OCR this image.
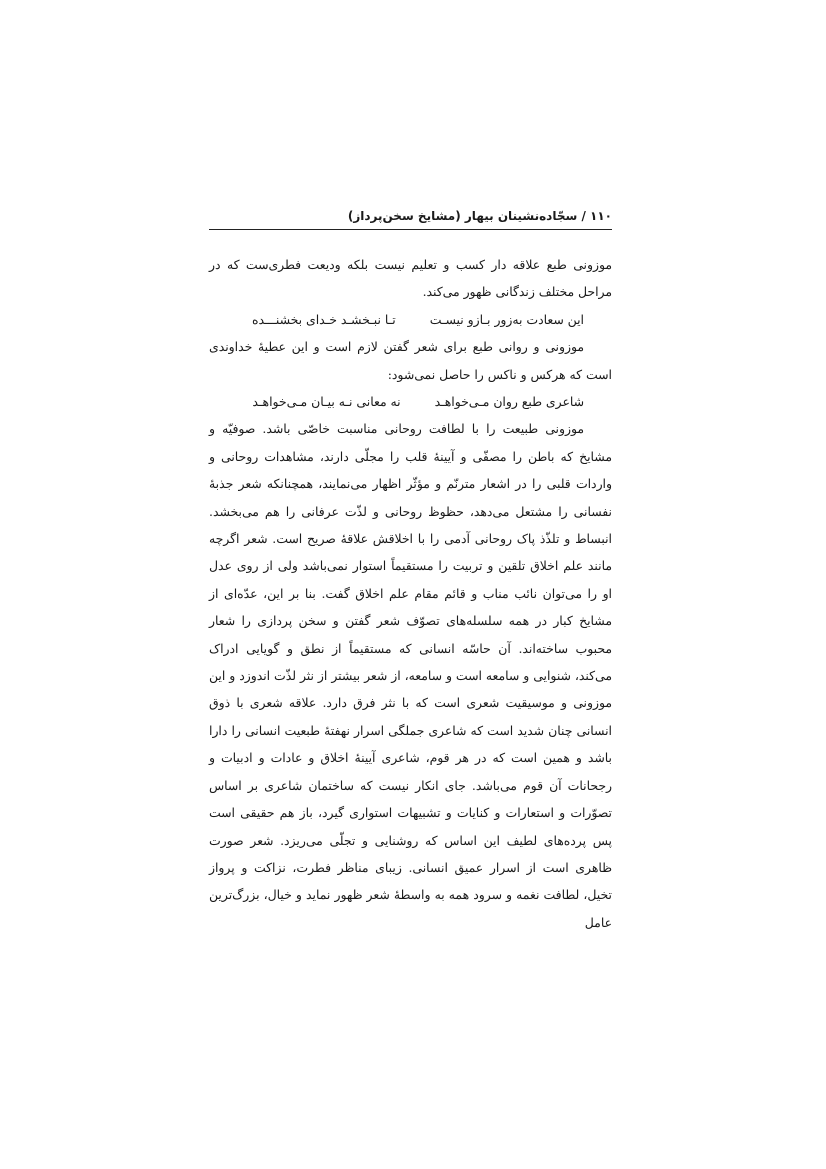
۱۱۰ / سجّاده‌نشینان بیهار (مشایخ سخن‌پرداز)

موزونی طبع علاقه دار کسب و تعلیم نیست بلکه ودیعت فطری‌ست که در مراحل مختلف زندگانی ظهور می‌کند.

این سعادت به‌زور بـازو نیسـت
تـا نبـخشـد خـدای بخشنـــده

موزونی و روانی طبع برای شعر گفتن لازم است و این عطیهٔ خداوندی است که هرکس و ناکس را حاصل نمی‌شود:

شاعری طبع روان مـی‌خواهـد
نه معانی نـه بیـان مـی‌خواهـد

موزونی طبیعت را با لطافت روحانی مناسبت خاصّی باشد. صوفیّه و مشایخ که باطن را مصفّی و آیینهٔ قلب را مجلّی دارند، مشاهدات روحانی و واردات قلبی را در اشعار مترنّم و مؤثّر اظهار می‌نمایند، همچنانکه شعر جذبهٔ نفسانی را مشتعل می‌دهد، حظوظ روحانی و لذّت عرفانی را هم می‌بخشد. انبساط و تلذّذ پاک روحانی آدمی را با اخلاقش علاقهٔ صریح است. شعر اگرچه مانند علم اخلاق تلقین و تربیت را مستقیماً استوار نمی‌باشد ولی از روی عدل او را می‌توان نائب مناب و قائم مقام علم اخلاق گفت. بنا بر این، عدّه‌ای از مشایخ کبار در همه سلسله‌های تصوّف شعر گفتن و سخن پردازی را شعار محبوب ساخته‌اند. آن حاسّه انسانی که مستقیماً از نطق و گویایی ادراک می‌کند، شنوایی و سامعه است و سامعه، از شعر بیشتر از نثر لذّت اندوزد و این موزونی و موسیقیت شعری است که با نثر فرق دارد. علاقه شعری با ذوق انسانی چنان شدید است که شاعری جملگی اسرار نهفتهٔ طبعیت انسانی را دارا باشد و همین است که در هر قوم، شاعری آیینهٔ اخلاق و عادات و ادبیات و رجحانات آن قوم می‌باشد. جای انکار نیست که ساختمان شاعری بر اساس تصوّرات و استعارات و کنایات و تشبیهات استواری گیرد، باز هم حقیقی است پس پرده‌های لطیف این اساس که روشنایی و تجلّی می‌ریزد. شعر صورت ظاهری است از اسرار عمیق انسانی. زیبای مناظر فطرت، نزاکت و پرواز تخیل، لطافت نغمه و سرود همه به واسطهٔ شعر ظهور نماید و خیال، بزرگ‌ترین عامل
